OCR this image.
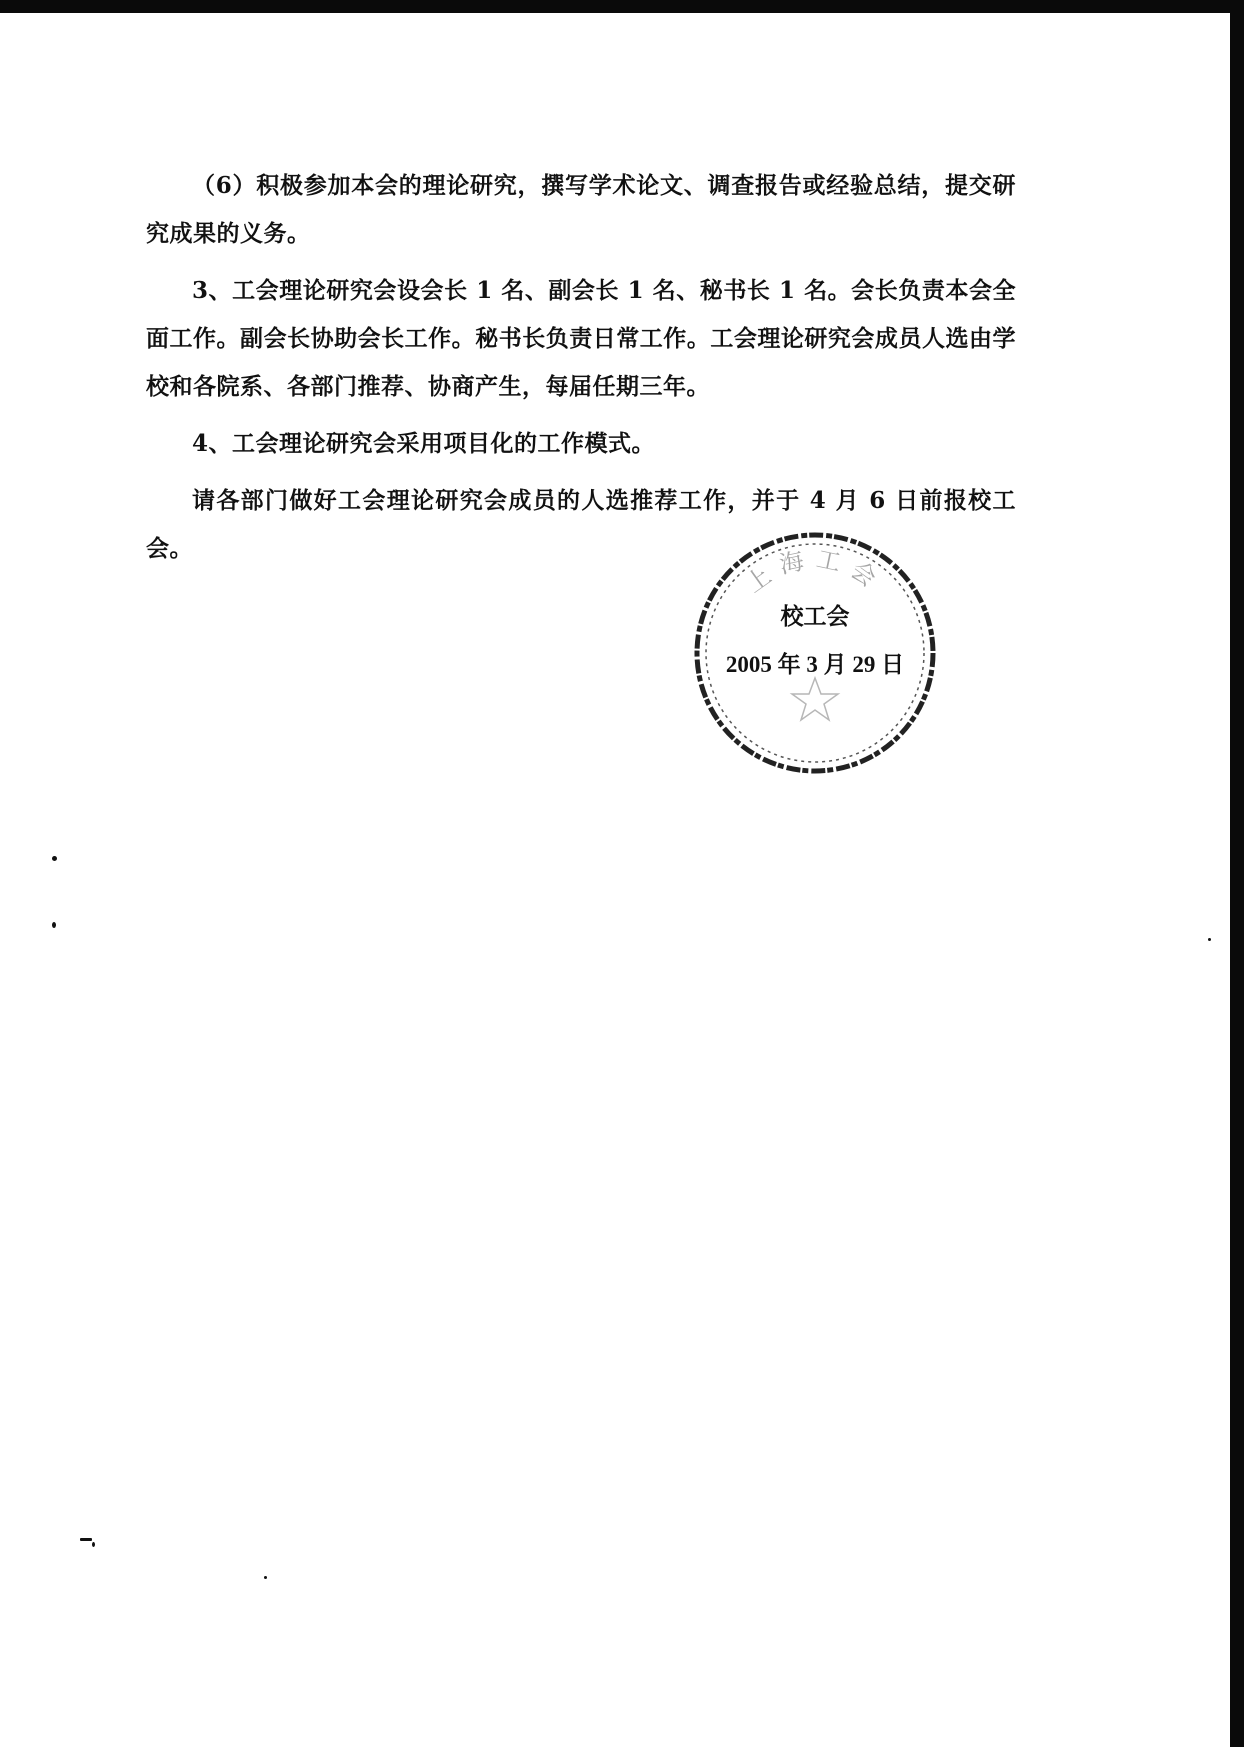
（6）积极参加本会的理论研究，撰写学术论文、调查报告或经验总结，提交研究成果的义务。

3、工会理论研究会设会长 1 名、副会长 1 名、秘书长 1 名。会长负责本会全面工作。副会长协助会长工作。秘书长负责日常工作。工会理论研究会成员人选由学校和各院系、各部门推荐、协商产生，每届任期三年。

4、工会理论研究会采用项目化的工作模式。

请各部门做好工会理论研究会成员的人选推荐工作，并于 4 月 6 日前报校工会。

上海工会
校工会
2005 年 3 月 29 日
